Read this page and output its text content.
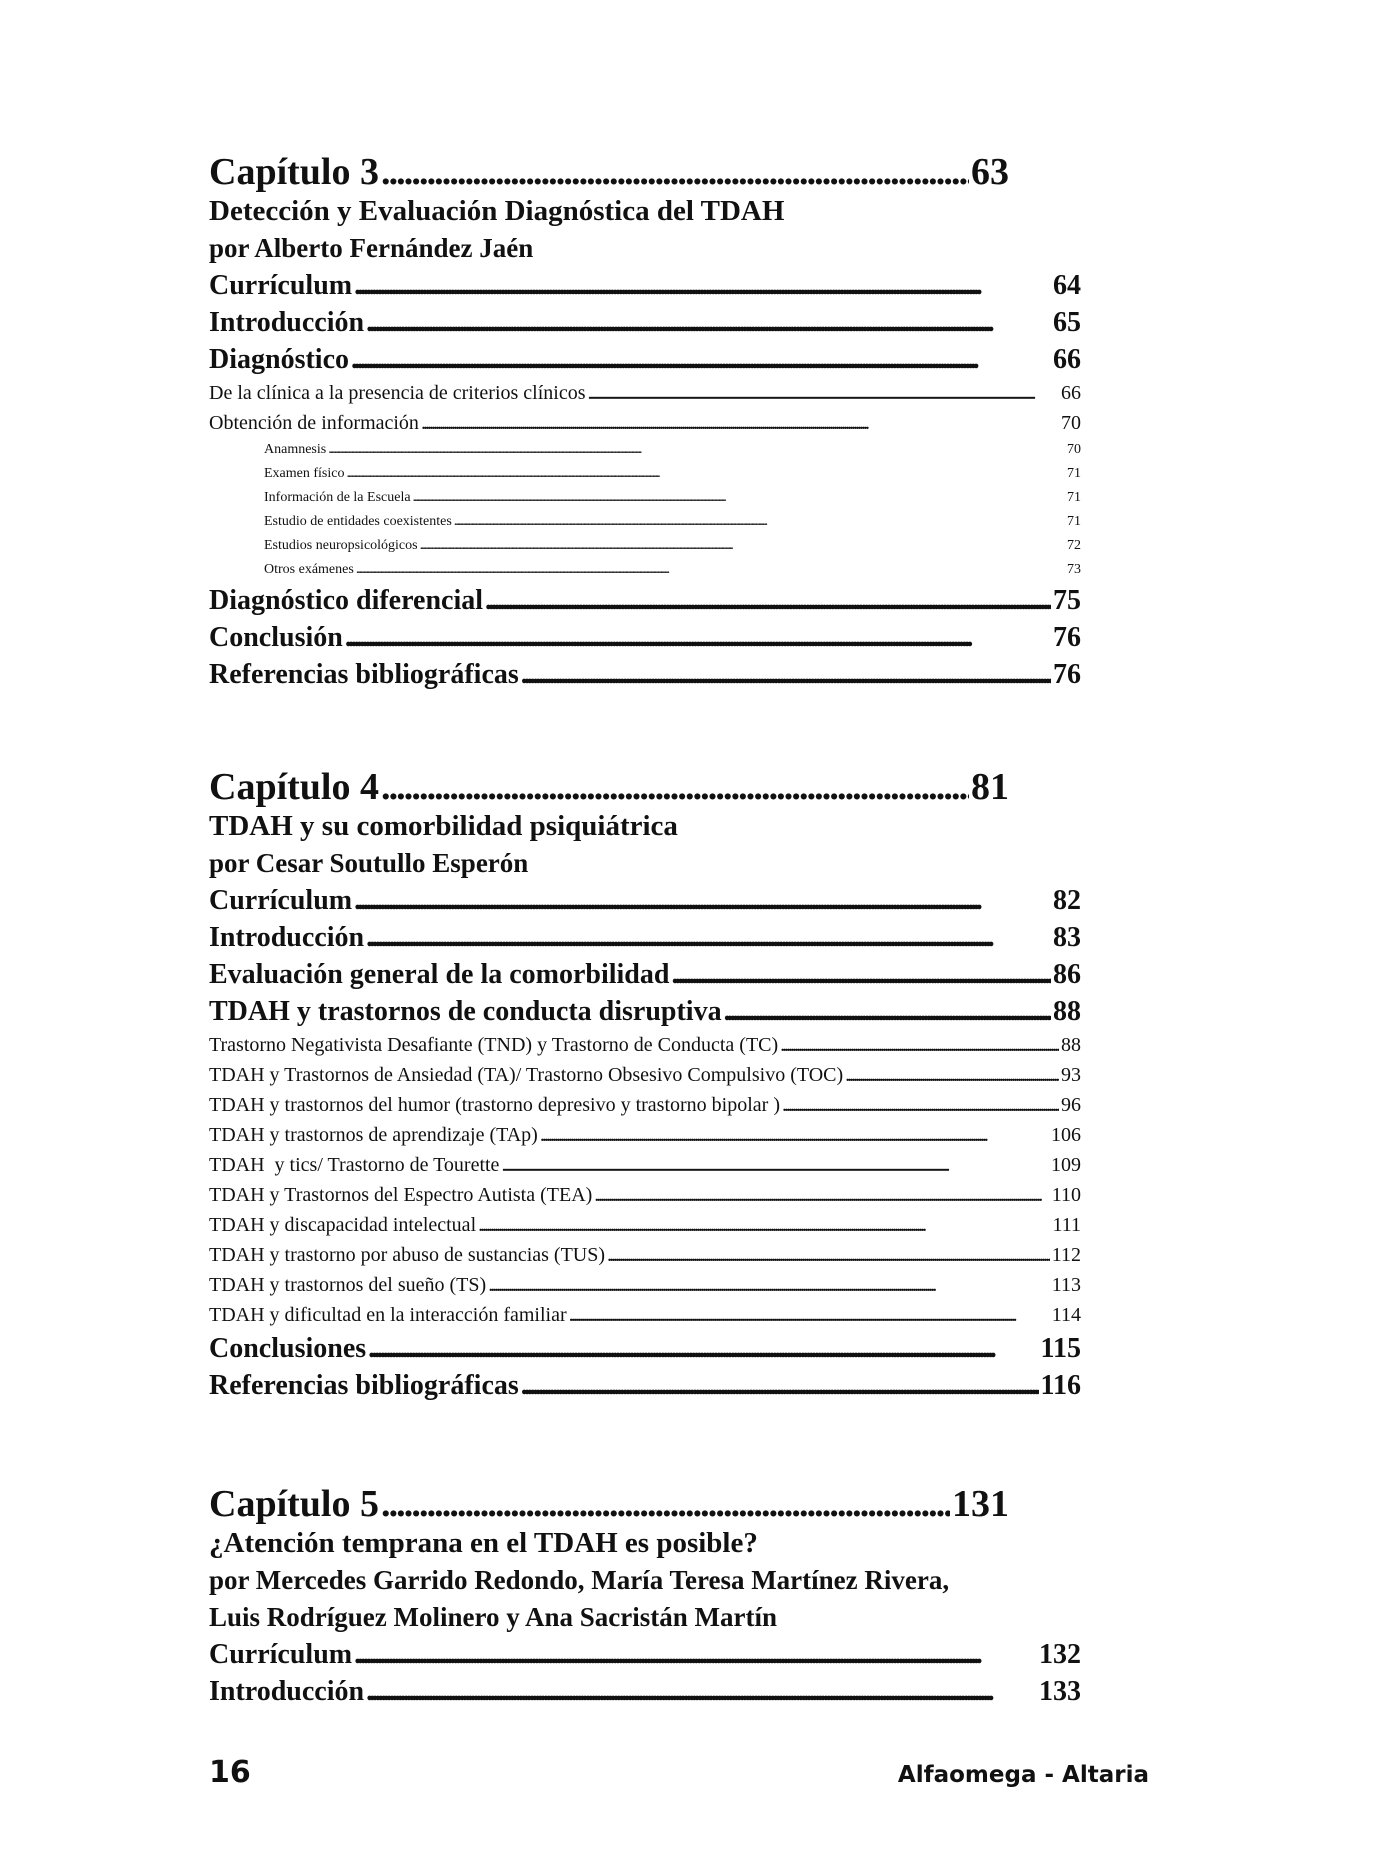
Capítulo 3 . . .	63
Detección y Evaluación Diagnóstica del TDAH
por Alberto Fernández Jaén
Currículum . . .	64
Introducción . . .	65
Diagnóstico . . .	66
De la clínica a la presencia de criterios clínicos . . .	66
Obtención de información . . .	70
Anamnesis . . .	70
Examen físico . . .	71
Información de la Escuela . . .	71
Estudio de entidades coexistentes . . .	71
Estudios neuropsicológicos . . .	72
Otros exámenes . . .	73
Diagnóstico diferencial . . .	75
Conclusión . . .	76
Referencias bibliográficas . . .	76
Capítulo 4 . . .	81
TDAH y su comorbilidad psiquiátrica
por Cesar Soutullo Esperón
Currículum . . .	82
Introducción . . .	83
Evaluación general de la comorbilidad . . .	86
TDAH y trastornos de conducta disruptiva . . .	88
Trastorno Negativista Desafiante (TND) y Trastorno de Conducta (TC) . . .	88
TDAH y Trastornos de Ansiedad (TA)/ Trastorno Obsesivo Compulsivo (TOC) . . .	93
TDAH y trastornos del humor (trastorno depresivo y trastorno bipolar ) . . .	96
TDAH y trastornos de aprendizaje (TAp) . . .	106
TDAH  y tics/ Trastorno de Tourette . . .	109
TDAH y Trastornos del Espectro Autista (TEA) . . .	110
TDAH y discapacidad intelectual . . .	111
TDAH y trastorno por abuso de sustancias (TUS) . . .	112
TDAH y trastornos del sueño (TS) . . .	113
TDAH y dificultad en la interacción familiar . . .	114
Conclusiones . . .	115
Referencias bibliográficas . . .	116
Capítulo 5 . . .	131
¿Atención temprana en el TDAH es posible?
por Mercedes Garrido Redondo, María Teresa Martínez Rivera,
Luis Rodríguez Molinero y Ana Sacristán Martín
Currículum . . .	132
Introducción . . .	133
16	Alfaomega - Altaria
